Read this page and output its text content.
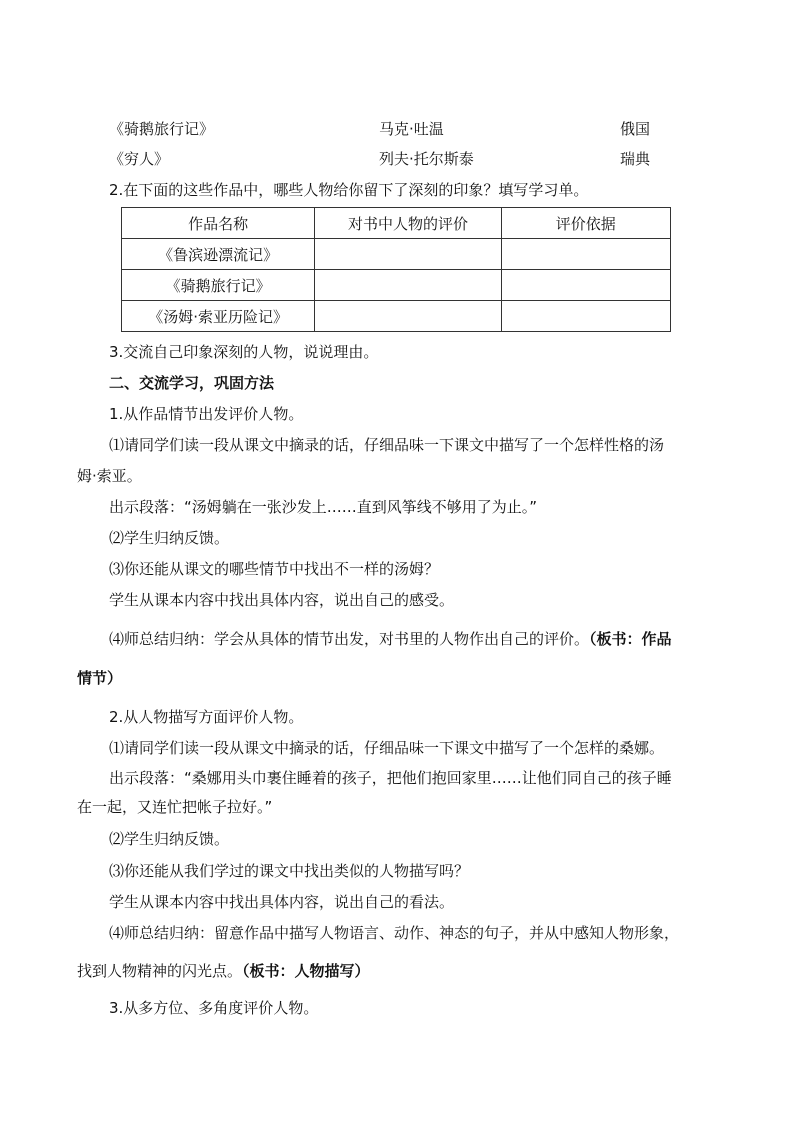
《骑鹅旅行记》	马克·吐温	俄国
《穷人》	列夫·托尔斯泰	瑞典
2.在下面的这些作品中，哪些人物给你留下了深刻的印象？填写学习单。
作品名称	对书中人物的评价	评价依据
《鲁滨逊漂流记》		
《骑鹅旅行记》		
《汤姆·索亚历险记》		
3.交流自己印象深刻的人物，说说理由。
二、交流学习，巩固方法
1.从作品情节出发评价人物。
⑴请同学们读一段从课文中摘录的话，仔细品味一下课文中描写了一个怎样性格的汤
姆·索亚。
出示段落：“汤姆躺在一张沙发上……直到风筝线不够用了为止。”
⑵学生归纳反馈。
⑶你还能从课文的哪些情节中找出不一样的汤姆？
学生从课本内容中找出具体内容，说出自己的感受。
⑷师总结归纳：学会从具体的情节出发，对书里的人物作出自己的评价。（板书：作品
情节）
2.从人物描写方面评价人物。
⑴请同学们读一段从课文中摘录的话，仔细品味一下课文中描写了一个怎样的桑娜。
出示段落：“桑娜用头巾裹住睡着的孩子，把他们抱回家里……让他们同自己的孩子睡
在一起，又连忙把帐子拉好。”
⑵学生归纳反馈。
⑶你还能从我们学过的课文中找出类似的人物描写吗？
学生从课本内容中找出具体内容，说出自己的看法。
⑷师总结归纳：留意作品中描写人物语言、动作、神态的句子，并从中感知人物形象，
找到人物精神的闪光点。（板书：人物描写）
3.从多方位、多角度评价人物。
